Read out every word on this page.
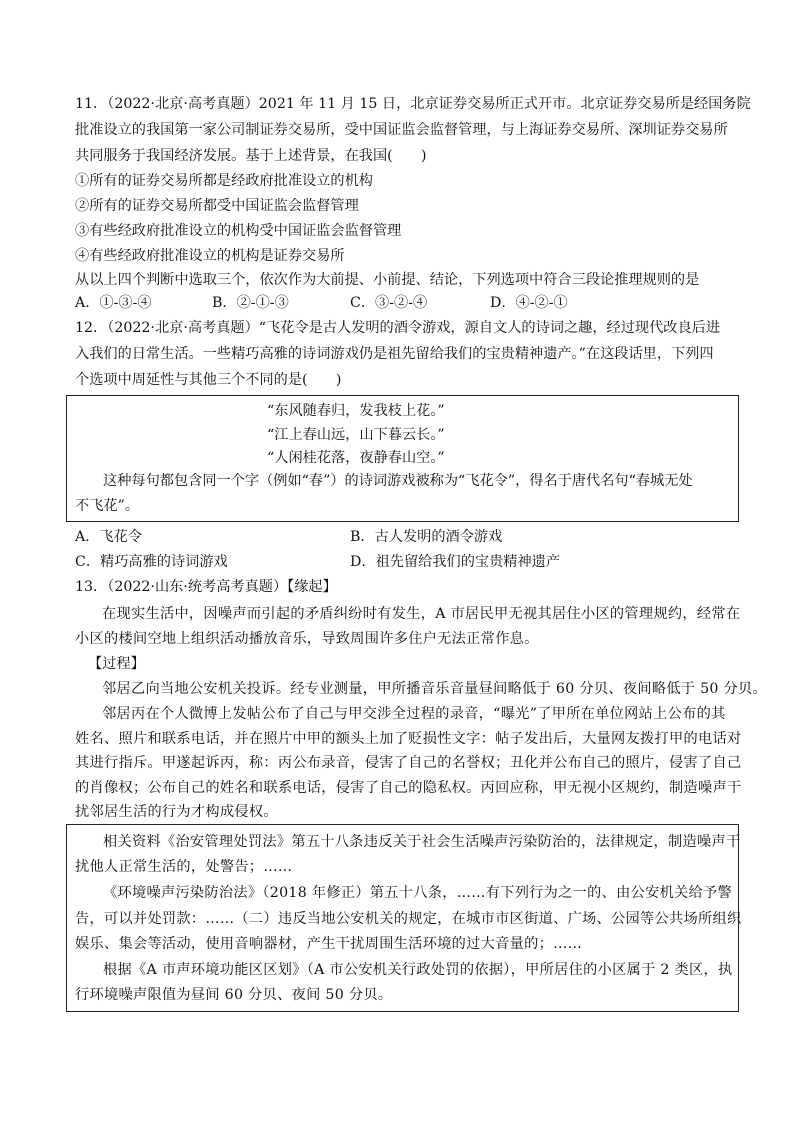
11．（2022·北京·高考真题）2021 年 11 月 15 日，北京证券交易所正式开市。北京证券交易所是经国务院
批准设立的我国第一家公司制证券交易所，受中国证监会监督管理，与上海证券交易所、深圳证券交易所
共同服务于我国经济发展。基于上述背景，在我国(　　)
①所有的证券交易所都是经政府批准设立的机构
②所有的证券交易所都受中国证监会监督管理
③有些经政府批准设立的机构受中国证监会监督管理
④有些经政府批准设立的机构是证券交易所
从以上四个判断中选取三个，依次作为大前提、小前提、结论，下列选项中符合三段论推理规则的是
A．①-③-④	B．②-①-③	C．③-②-④	D．④-②-①
12．（2022·北京·高考真题）“飞花令是古人发明的酒令游戏，源自文人的诗词之趣，经过现代改良后进
入我们的日常生活。一些精巧高雅的诗词游戏仍是祖先留给我们的宝贵精神遗产。”在这段话里，下列四
个选项中周延性与其他三个不同的是(　　)
“东风随春归，发我枝上花。”
“江上春山远，山下暮云长。”
“人闲桂花落，夜静春山空。”
这种每句都包含同一个字（例如“春”）的诗词游戏被称为“飞花令”，得名于唐代名句“春城无处
不飞花”。
A．飞花令	B．古人发明的酒令游戏
C．精巧高雅的诗词游戏	D．祖先留给我们的宝贵精神遗产
13．（2022·山东·统考高考真题）【缘起】
在现实生活中，因噪声而引起的矛盾纠纷时有发生，A 市居民甲无视其居住小区的管理规约，经常在
小区的楼间空地上组织活动播放音乐，导致周围许多住户无法正常作息。
【过程】
邻居乙向当地公安机关投诉。经专业测量，甲所播音乐音量昼间略低于 60 分贝、夜间略低于 50 分贝。
邻居丙在个人微博上发帖公布了自己与甲交涉全过程的录音，“曝光”了甲所在单位网站上公布的其
姓名、照片和联系电话，并在照片中甲的额头上加了贬损性文字：帖子发出后，大量网友拨打甲的电话对
其进行指斥。甲遂起诉丙，称：丙公布录音，侵害了自己的名誉权；丑化并公布自己的照片，侵害了自己
的肖像权；公布自己的姓名和联系电话，侵害了自己的隐私权。丙回应称，甲无视小区规约，制造噪声干
扰邻居生活的行为才构成侵权。
相关资料《治安管理处罚法》第五十八条违反关于社会生活噪声污染防治的，法律规定，制造噪声干
扰他人正常生活的，处警告；……
《环境噪声污染防治法》（2018 年修正）第五十八条，……有下列行为之一的、由公安机关给予警
告，可以并处罚款：……（二）违反当地公安机关的规定，在城市市区街道、广场、公园等公共场所组织
娱乐、集会等活动，使用音响器材，产生干扰周围生活环境的过大音量的；……
根据《A 市声环境功能区区划》（A 市公安机关行政处罚的依据），甲所居住的小区属于 2 类区，执
行环境噪声限值为昼间 60 分贝、夜间 50 分贝。
